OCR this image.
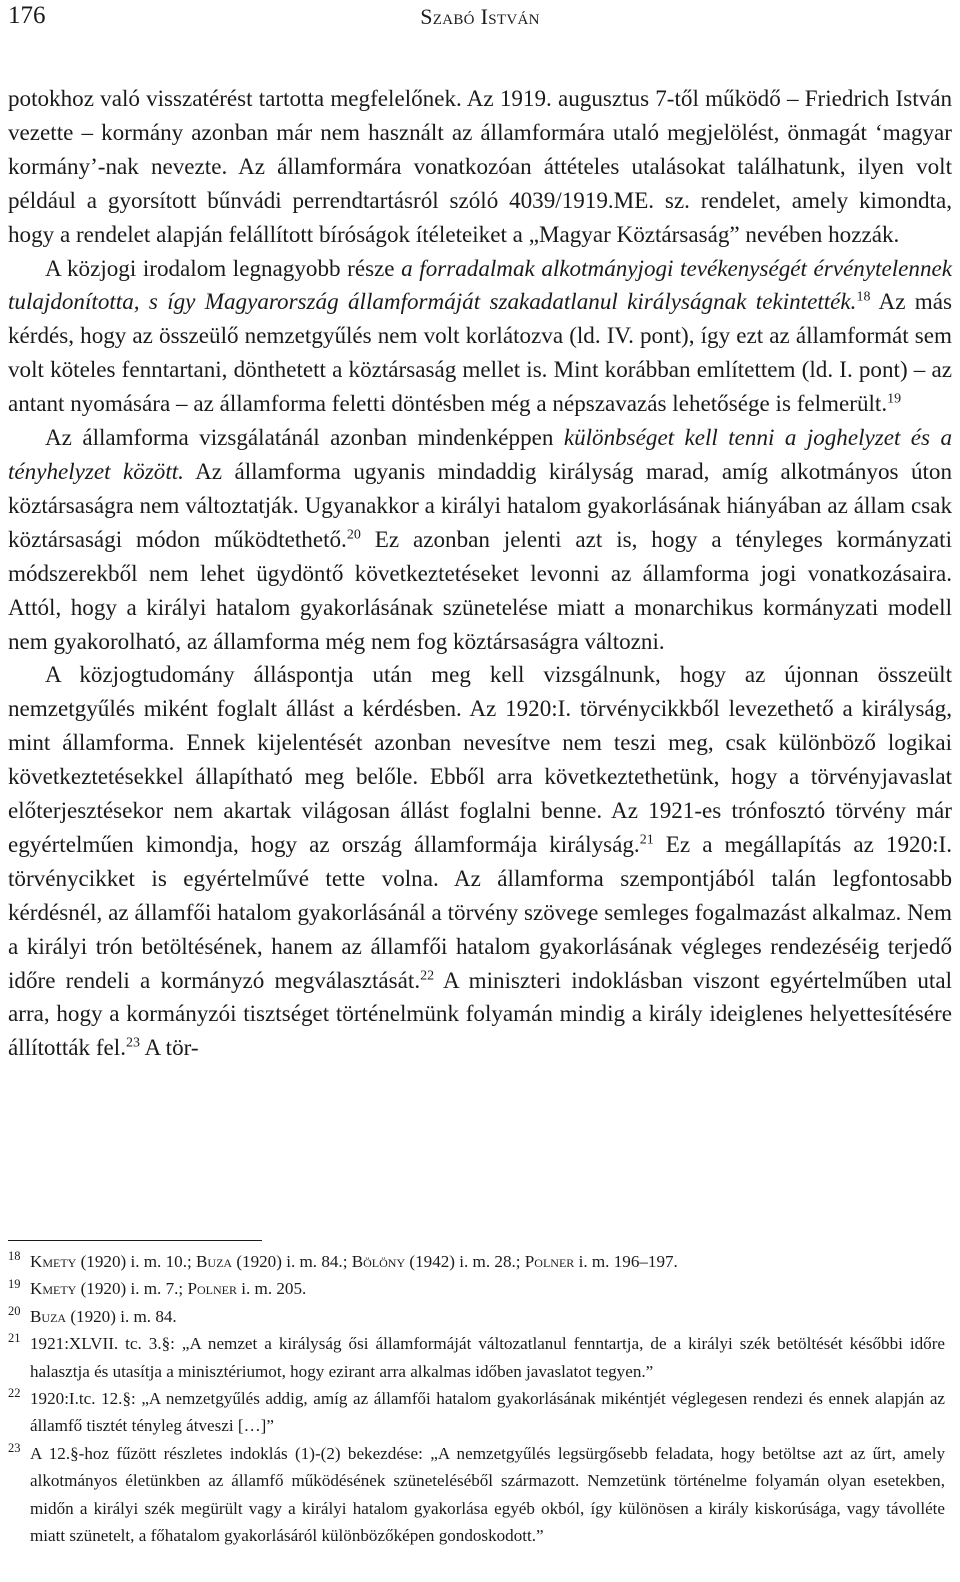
176	Szabó István

potokhoz való visszatérést tartotta megfelelőnek. Az 1919. augusztus 7-től működő – Friedrich István vezette – kormány azonban már nem használt az államformára utaló megjelölést, önmagát ‘magyar kormány’-nak nevezte. Az államformára vonatkozóan áttételes utalásokat találhatunk, ilyen volt például a gyorsított bűnvádi perrendtartásról szóló 4039/1919.ME. sz. rendelet, amely kimondta, hogy a rendelet alapján felállított bíróságok ítéleteiket a „Magyar Köztársaság” nevében hozzák.

A közjogi irodalom legnagyobb része a forradalmak alkotmányjogi tevékenységét érvénytelennek tulajdonította, s így Magyarország államformáját szakadatlanul királyságnak tekintették.$^{18}$ Az más kérdés, hogy az összeülő nemzetgyűlés nem volt korlátozva (ld. IV. pont), így ezt az államformát sem volt köteles fenntartani, dönthetett a köztársaság mellet is. Mint korábban említettem (ld. I. pont) – az antant nyomására – az államforma feletti döntésben még a népszavazás lehetősége is felmerült.$^{19}$

Az államforma vizsgálatánál azonban mindenképpen különbséget kell tenni a joghelyzet és a tényhelyzet között. Az államforma ugyanis mindaddig királyság marad, amíg alkotmányos úton köztársaságra nem változtatják. Ugyanakkor a királyi hatalom gyakorlásának hiányában az állam csak köztársasági módon működtethető.$^{20}$ Ez azonban jelenti azt is, hogy a tényleges kormányzati módszerekből nem lehet ügydöntő következtetéseket levonni az államforma jogi vonatkozásaira. Attól, hogy a királyi hatalom gyakorlásának szünetelése miatt a monarchikus kormányzati modell nem gyakorolható, az államforma még nem fog köztársaságra változni.

A közjogtudomány álláspontja után meg kell vizsgálnunk, hogy az újonnan összeült nemzetgyűlés miként foglalt állást a kérdésben. Az 1920:I. törvénycikkből levezethető a királyság, mint államforma. Ennek kijelentését azonban nevesítve nem teszi meg, csak különböző logikai következtetésekkel állapítható meg belőle. Ebből arra következtethetünk, hogy a törvényjavaslat előterjesztésekor nem akartak világosan állást foglalni benne. Az 1921-es trónfosztó törvény már egyértelműen kimondja, hogy az ország államformája királyság.$^{21}$ Ez a megállapítás az 1920:I. törvénycikket is egyértelművé tette volna. Az államforma szempontjából talán legfontosabb kérdésnél, az államfői hatalom gyakorlásánál a törvény szövege semleges fogalmazást alkalmaz. Nem a királyi trón betöltésének, hanem az államfői hatalom gyakorlásának végleges rendezéséig terjedő időre rendeli a kormányzó megválasztását.$^{22}$ A miniszteri indoklásban viszont egyértelműben utal arra, hogy a kormányzói tisztséget történelmünk folyamán mindig a király ideiglenes helyettesítésére állították fel.$^{23}$ A tör-

18 Kmety (1920) i. m. 10.; Buza (1920) i. m. 84.; Bölöny (1942) i. m. 28.; Polner i. m. 196–197.

19 Kmety (1920) i. m. 7.; Polner i. m. 205.

20 Buza (1920) i. m. 84.

21 1921:XLVII. tc. 3.§: „A nemzet a királyság ősi államformáját változatlanul fenntartja, de a királyi szék betöltését későbbi időre halasztja és utasítja a minisztériumot, hogy ezirant arra alkalmas időben javaslatot tegyen.”

22 1920:I.tc. 12.§: „A nemzetgyűlés addig, amíg az államfői hatalom gyakorlásának mikéntjét véglegesen rendezi és ennek alapján az államfő tisztét tényleg átveszi […]”

23 A 12.§-hoz fűzött részletes indoklás (1)-(2) bekezdése: „A nemzetgyűlés legsürgősebb feladata, hogy betöltse azt az űrt, amely alkotmányos életünkben az államfő működésének szüneteléséből származott. Nemzetünk történelme folyamán olyan esetekben, midőn a királyi szék megürült vagy a királyi hatalom gyakorlása egyéb okból, így különösen a király kiskorúsága, vagy távolléte miatt szünetelt, a főhatalom gyakorlásáról különbözőképen gondoskodott.”
